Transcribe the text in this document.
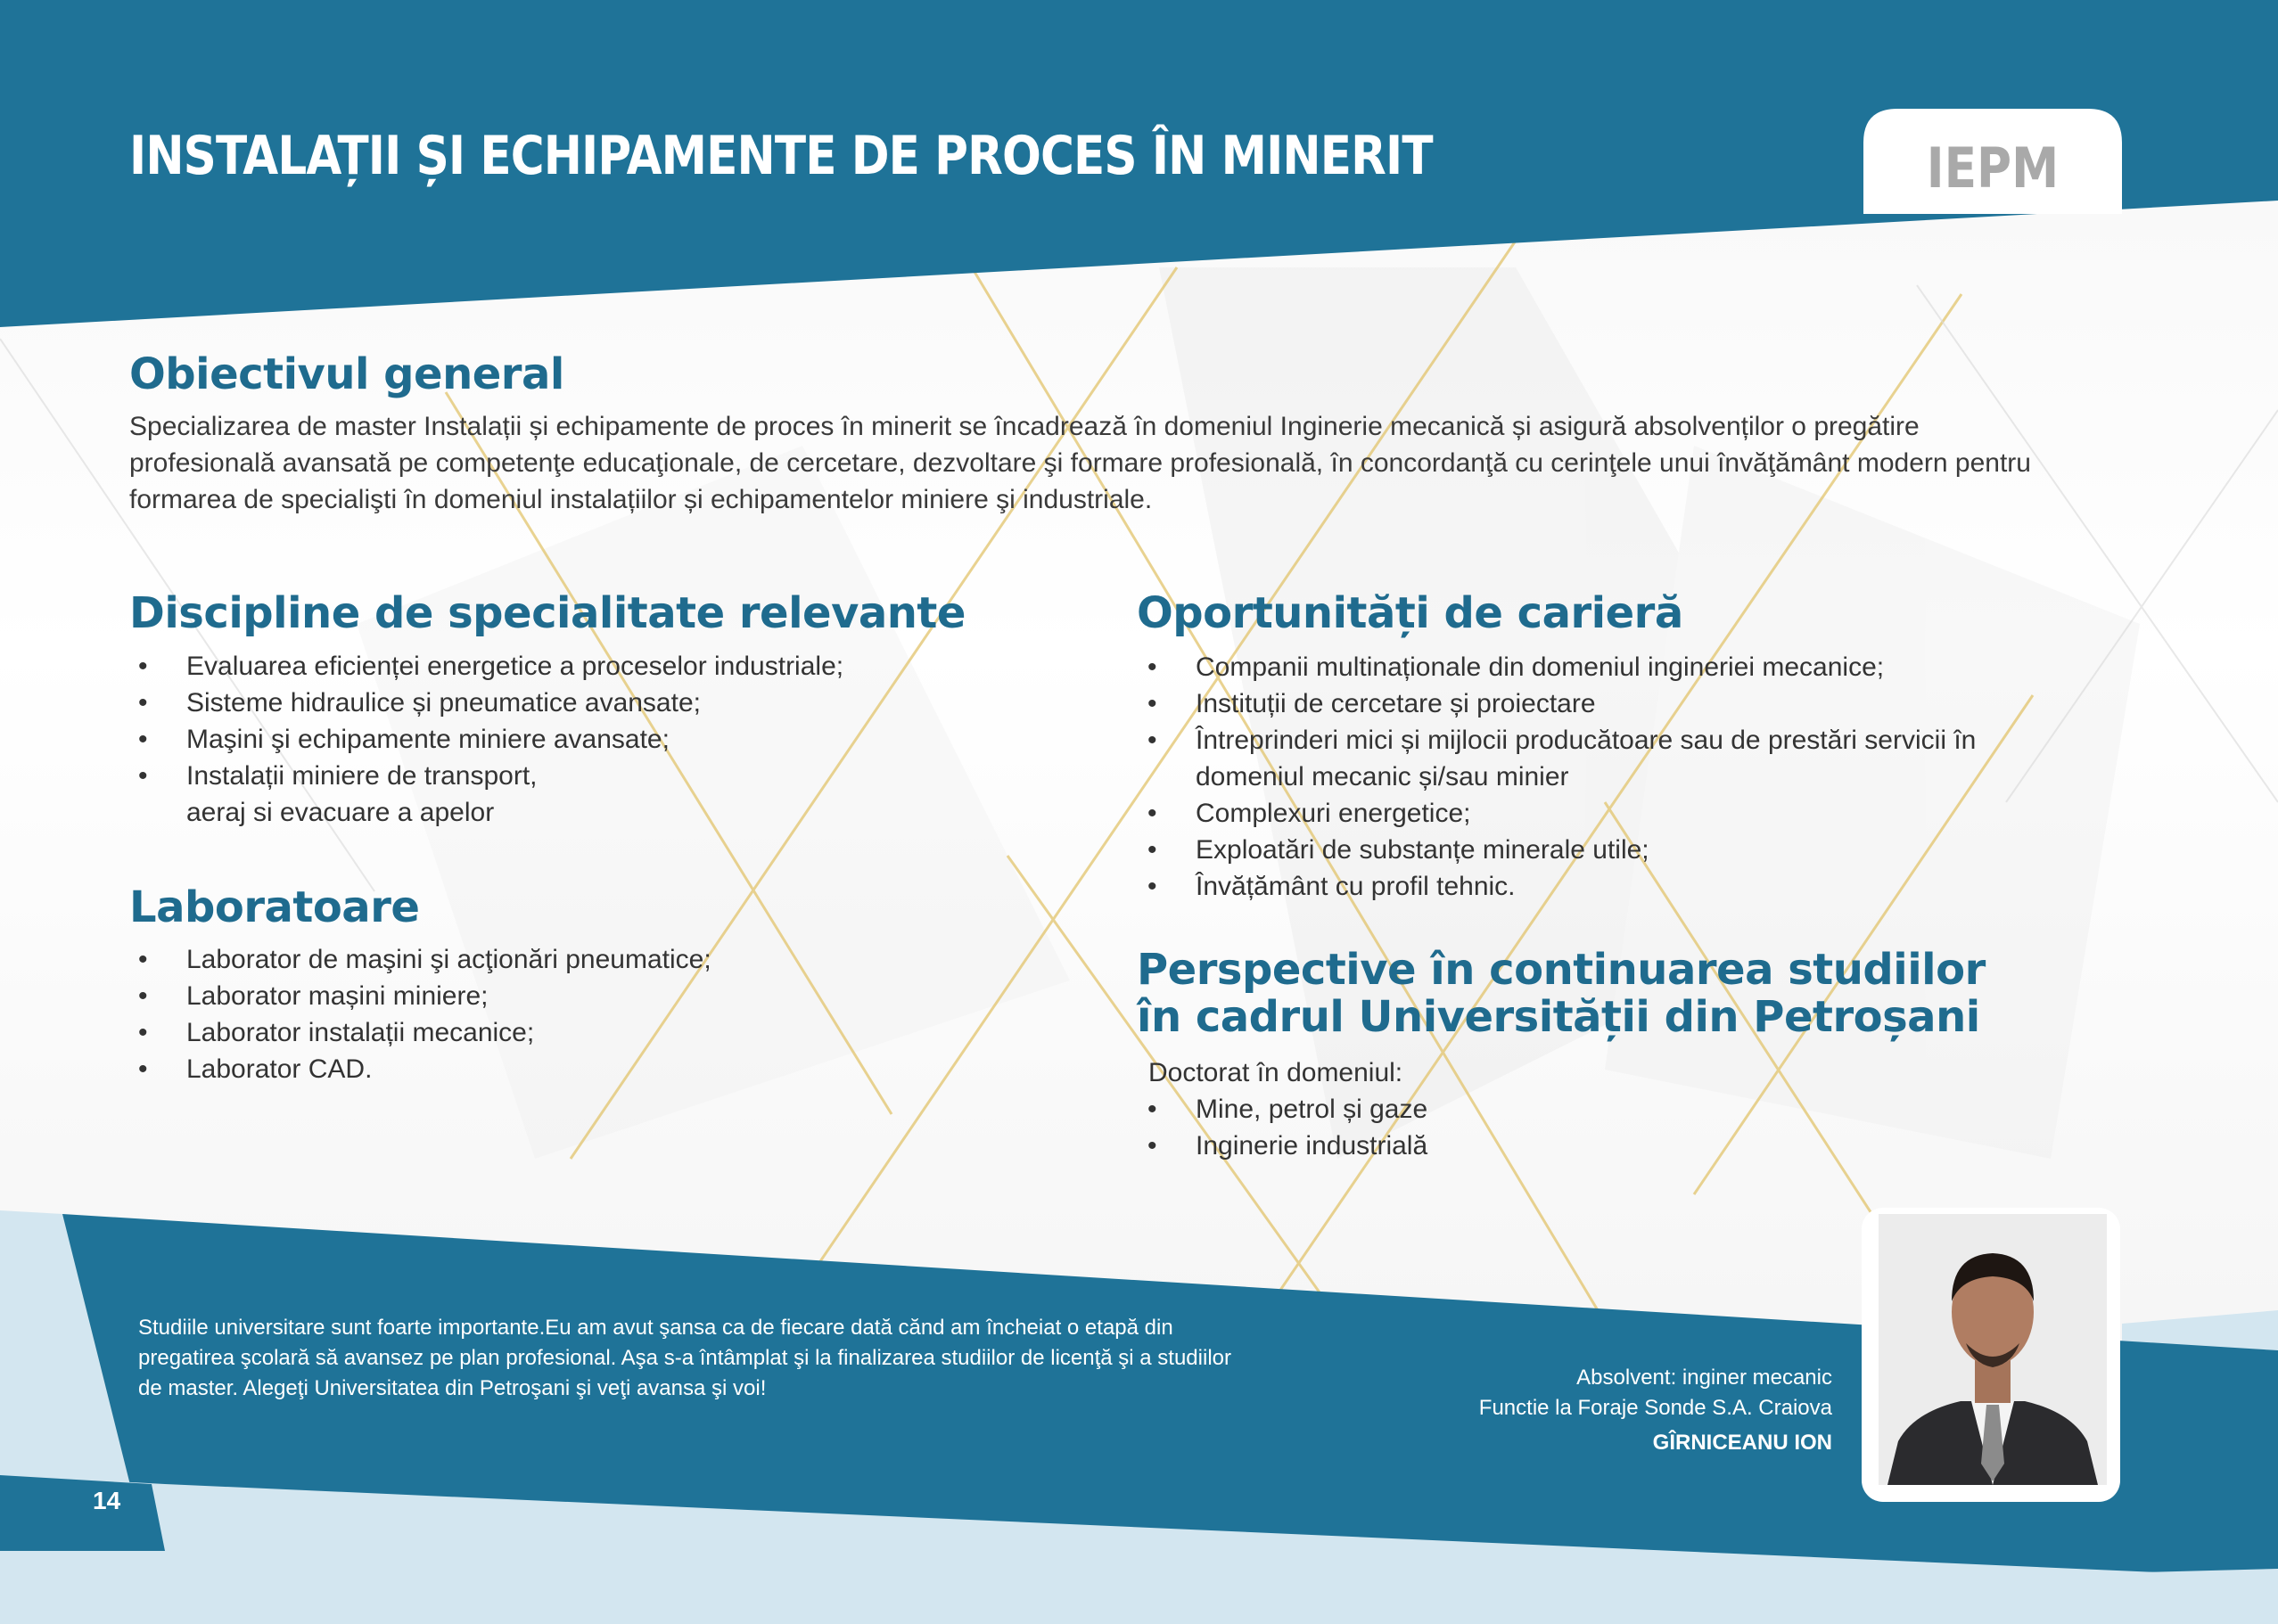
INSTALAȚII ȘI ECHIPAMENTE DE PROCES ÎN MINERIT	IEPM
Obiectivul general
Specializarea de master Instalații și echipamente de proces în minerit se încadrează în domeniul Inginerie mecanică și asigură absolvenților o pregătire
profesională avansată pe competenţe educaţionale, de cercetare, dezvoltare şi formare profesională, în concordanţă cu cerinţele unui învăţământ modern pentru
formarea de specialişti în domeniul instalațiilor și echipamentelor miniere şi industriale.
Discipline de specialitate relevante
• Evaluarea eficienței energetice a proceselor industriale;
• Sisteme hidraulice și pneumatice avansate;
• Maşini şi echipamente miniere avansate;
• Instalații miniere de transport,
aeraj si evacuare a apelor
Laboratoare
• Laborator de maşini şi acţionări pneumatice;
• Laborator mașini miniere;
• Laborator instalații mecanice;
• Laborator CAD.
Oportunități de carieră
• Companii multinaționale din domeniul ingineriei mecanice;
• Instituții de cercetare și proiectare
• Întreprinderi mici și mijlocii producătoare sau de prestări servicii în domeniul mecanic și/sau minier
• Complexuri energetice;
• Exploatări de substanțe minerale utile;
• Învățământ cu profil tehnic.
Perspective în continuarea studiilor
în cadrul Universității din Petroșani
Doctorat în domeniul:
• Mine, petrol și gaze
• Inginerie industrială

Studiile universitare sunt foarte importante.Eu am avut şansa ca de fiecare dată cănd am încheiat o etapă din pregatirea şcolară să avansez pe plan profesional. Aşa s-a întâmplat şi la finalizarea studiilor de licenţă şi a studiilor de master. Alegeţi Universitatea din Petroşani şi veţi avansa şi voi!	Absolvent: inginer mecanic
Functie la Foraje Sonde S.A. Craiova
GÎRNICEANU ION
14
